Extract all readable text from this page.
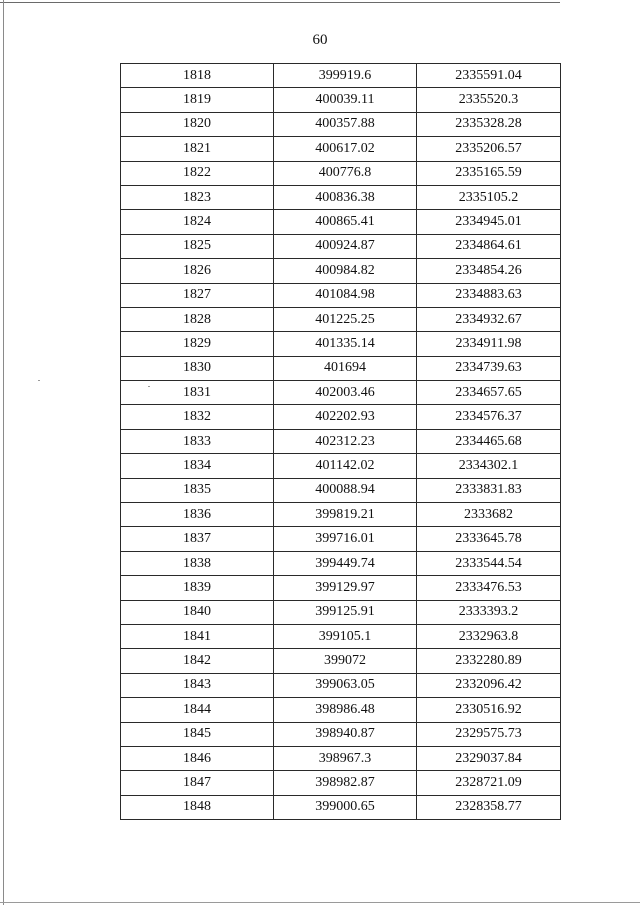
60
1818	399919.6	2335591.04
1819	400039.11	2335520.3
1820	400357.88	2335328.28
1821	400617.02	2335206.57
1822	400776.8	2335165.59
1823	400836.38	2335105.2
1824	400865.41	2334945.01
1825	400924.87	2334864.61
1826	400984.82	2334854.26
1827	401084.98	2334883.63
1828	401225.25	2334932.67
1829	401335.14	2334911.98
1830	401694	2334739.63
1831	402003.46	2334657.65
1832	402202.93	2334576.37
1833	402312.23	2334465.68
1834	401142.02	2334302.1
1835	400088.94	2333831.83
1836	399819.21	2333682
1837	399716.01	2333645.78
1838	399449.74	2333544.54
1839	399129.97	2333476.53
1840	399125.91	2333393.2
1841	399105.1	2332963.8
1842	399072	2332280.89
1843	399063.05	2332096.42
1844	398986.48	2330516.92
1845	398940.87	2329575.73
1846	398967.3	2329037.84
1847	398982.87	2328721.09
1848	399000.65	2328358.77
